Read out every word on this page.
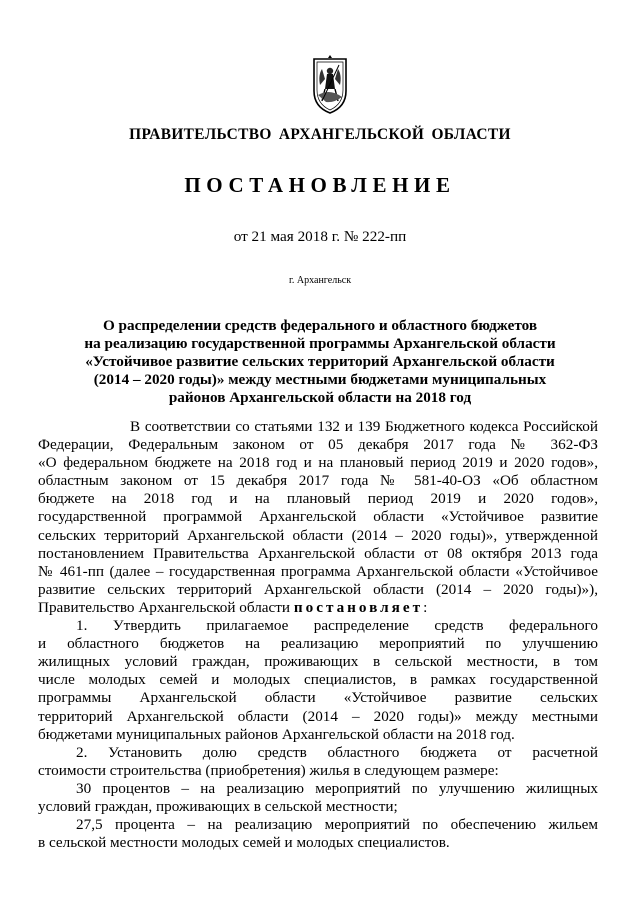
ПРАВИТЕЛЬСТВО АРХАНГЕЛЬСКОЙ ОБЛАСТИ
ПОСТАНОВЛЕНИЕ
от 21 мая 2018 г. № 222-пп
г. Архангельск
О распределении средств федерального и областного бюджетов
на реализацию государственной программы Архангельской области
«Устойчивое развитие сельских территорий Архангельской области
(2014 – 2020 годы)» между местными бюджетами муниципальных
районов Архангельской области на 2018 год
В соответствии со статьями 132 и 139 Бюджетного кодекса Российской
Федерации, Федеральным законом от 05 декабря 2017 года № 362-ФЗ
«О федеральном бюджете на 2018 год и на плановый период 2019 и 2020 годов»,
областным законом от 15 декабря 2017 года № 581-40-ОЗ «Об областном
бюджете на 2018 год и на плановый период 2019 и 2020 годов»,
государственной программой Архангельской области «Устойчивое развитие
сельских территорий Архангельской области (2014 – 2020 годы)», утвержденной
постановлением Правительства Архангельской области от 08 октября 2013 года
№ 461-пп (далее – государственная программа Архангельской области «Устойчивое
развитие сельских территорий Архангельской области (2014 – 2020 годы)»),
Правительство Архангельской области постановляет:
1. Утвердить прилагаемое распределение средств федерального
и областного бюджетов на реализацию мероприятий по улучшению
жилищных условий граждан, проживающих в сельской местности, в том
числе молодых семей и молодых специалистов, в рамках государственной
программы Архангельской области «Устойчивое развитие сельских
территорий Архангельской области (2014 – 2020 годы)» между местными
бюджетами муниципальных районов Архангельской области на 2018 год.
2. Установить долю средств областного бюджета от расчетной
стоимости строительства (приобретения) жилья в следующем размере:
30 процентов – на реализацию мероприятий по улучшению жилищных
условий граждан, проживающих в сельской местности;
27,5 процента – на реализацию мероприятий по обеспечению жильем
в сельской местности молодых семей и молодых специалистов.
